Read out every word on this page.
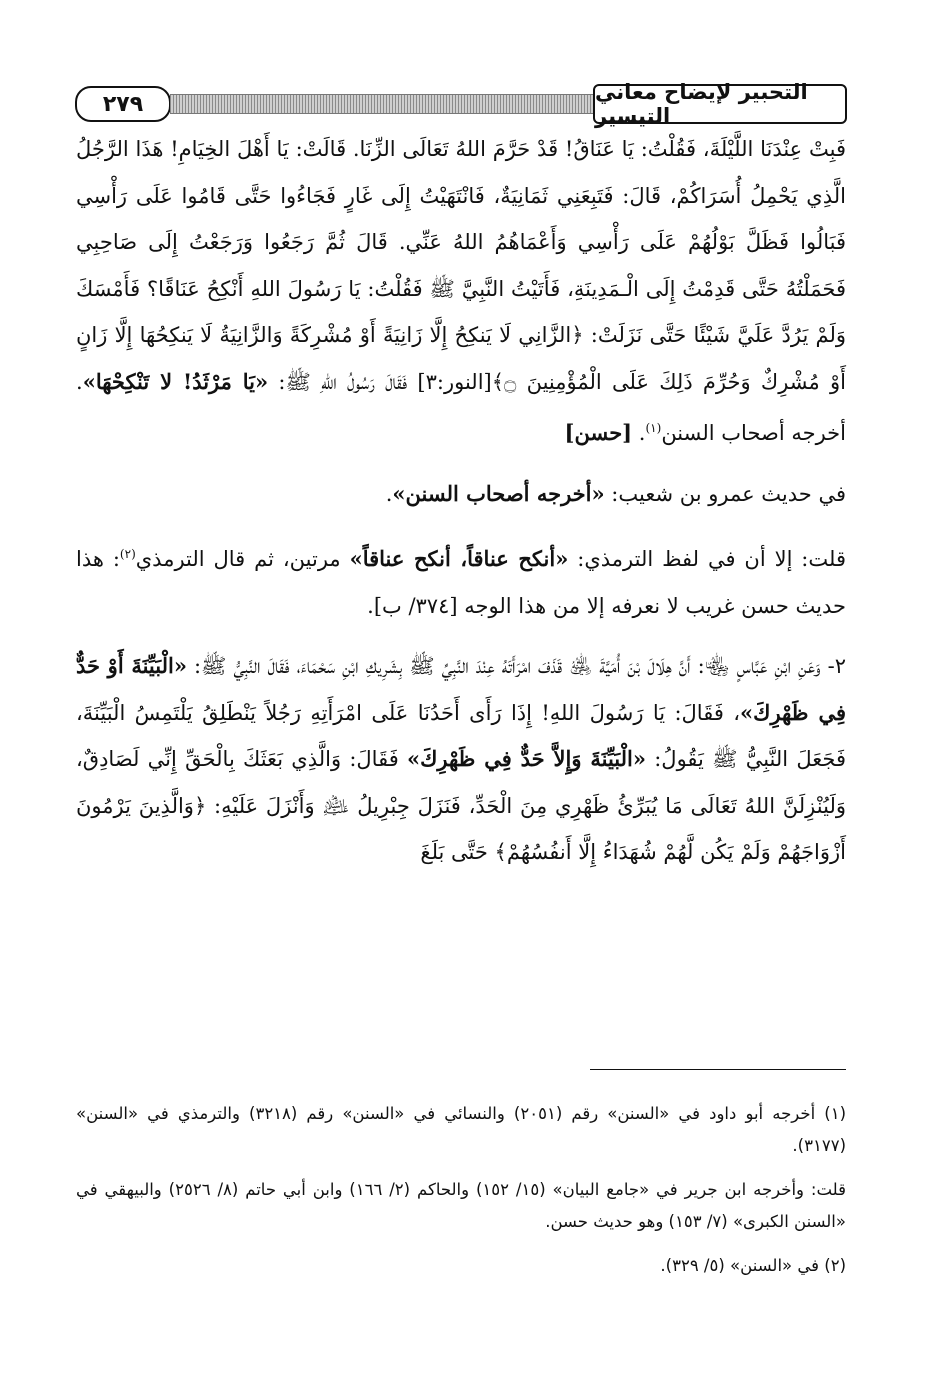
٢٧٩	التحبير لإيضاح معاني التيسير

فَبِتْ عِنْدَنَا اللَّيْلَةَ، فَقُلْتُ: يَا عَنَاقُ! قَدْ حَرَّمَ اللهُ تَعَالَى الزِّنَا. قَالَتْ: يَا أَهْلَ الخِيَامِ! هَذَا الرَّجُلُ الَّذِي يَحْمِلُ أُسَرَاكُمْ، قَالَ: فَتَبِعَنِي ثَمَانِيَةٌ، فَانْتَهَيْتُ إِلَى غَارٍ فَجَاءُوا حَتَّى قَامُوا عَلَى رَأْسِي فَبَالُوا فَظَلَّ بَوْلُهُمْ عَلَى رَأْسِي وَأَعْمَاهُمُ اللهُ عَنِّي. قَالَ ثُمَّ رَجَعُوا وَرَجَعْتُ إِلَى صَاحِبِي فَحَمَلْتُهُ حَتَّى قَدِمْتُ إِلَى الْـمَدِينَةِ، فَأَتَيْتُ النَّبِيَّ ﷺ فَقُلْتُ: يَا رَسُولَ اللهِ أَنْكِحُ عَنَاقًا؟ فَأَمْسَكَ وَلَمْ يَرُدَّ عَلَيَّ شَيْئًا حَتَّى نَزَلَتْ: ﴿الزَّانِي لَا يَنكِحُ إِلَّا زَانِيَةً أَوْ مُشْرِكَةً وَالزَّانِيَةُ لَا يَنكِحُهَا إِلَّا زَانٍ أَوْ مُشْرِكٌ وَحُرِّمَ ذَلِكَ عَلَى الْمُؤْمِنِينَ ۝﴾[النور:٣] فَقَالَ رَسُولُ اللهِ ﷺ: «يَا مَرْثَدُ! لا تَنْكِحْهَا». أخرجه أصحاب السنن$^{(١)}$. [حسن]

في حديث عمرو بن شعيب: «أخرجه أصحاب السنن».

قلت: إلا أن في لفظ الترمذي: «أنكح عناقاً، أنكح عناقاً» مرتين، ثم قال الترمذي$^{(٢)}$: هذا حديث حسن غريب لا نعرفه إلا من هذا الوجه [٣٧٤/ ب].

٢- وَعَنِ ابْنِ عَبَّاسٍ ﵄: أَنَّ هِلَالَ بْنَ أُمَيَّةَ ﵁ قَذَفَ امْرَأَتَهُ عِنْدَ النَّبِيِّ ﷺ بِشَرِيكِ ابْنِ سَحْمَاءَ، فَقَالَ النَّبِيُّ ﷺ: «الْبَيِّنَةَ أَوْ حَدٌّ فِي ظَهْرِكَ»، فَقَالَ: يَا رَسُولَ اللهِ! إِذَا رَأَى أَحَدُنَا عَلَى امْرَأَتِهِ رَجُلاً يَنْطَلِقُ يَلْتَمِسُ الْبَيِّنَةَ، فَجَعَلَ النَّبِيُّ ﷺ يَقُولُ: «الْبَيِّنَةَ وَإِلاَّ حَدٌّ فِي ظَهْرِكَ» فَقَالَ: وَالَّذِي بَعَثَكَ بِالْحَقِّ إِنِّي لَصَادِقٌ، وَلَيُنْزِلَنَّ اللهُ تَعَالَى مَا يُبَرِّئُ ظَهْرِي مِنَ الْحَدِّ، فَنَزَلَ جِبْرِيلُ ﵇ وَأَنْزَلَ عَلَيْهِ: ﴿وَالَّذِينَ يَرْمُونَ أَزْوَاجَهُمْ وَلَمْ يَكُن لَّهُمْ شُهَدَاءُ إِلَّا أَنفُسُهُمْ﴾ حَتَّى بَلَغَ

(١) أخرجه أبو داود في «السنن» رقم (٢٠٥١) والنسائي في «السنن» رقم (٣٢١٨) والترمذي في «السنن» (٣١٧٧).

قلت: وأخرجه ابن جرير في «جامع البيان» (١٥/ ١٥٢) والحاكم (٢/ ١٦٦) وابن أبي حاتم (٨/ ٢٥٢٦) والبيهقي في «السنن الكبرى» (٧/ ١٥٣) وهو حديث حسن.

(٢) في «السنن» (٥/ ٣٢٩).
